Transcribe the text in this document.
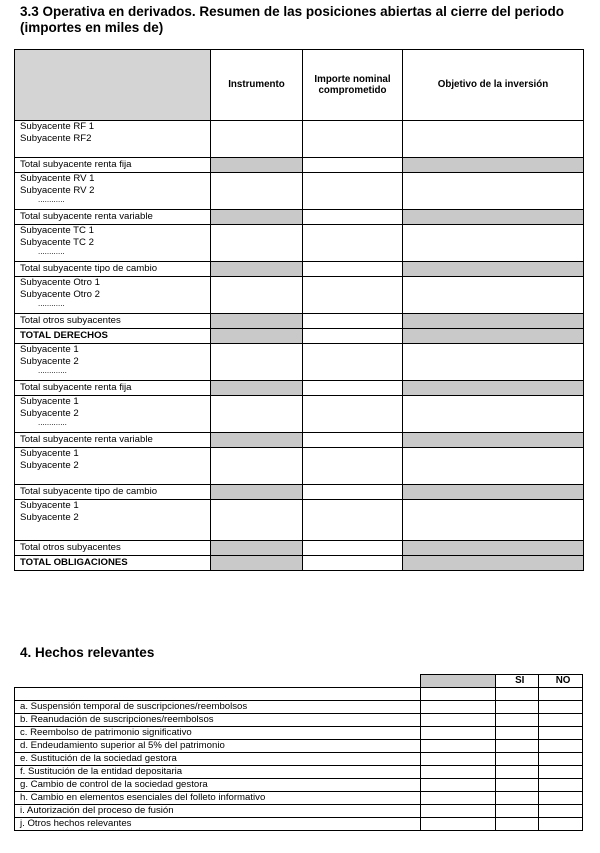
3.3 Operativa en derivados. Resumen de las posiciones abiertas al cierre del periodo (importes en miles de)
	Instrumento	Importe nominal comprometido	Objetivo de la inversión

Subyacente RF 1
Subyacente RF2			

Total subyacente renta fija			

Subyacente RV 1
Subyacente RV 2
............			

Total subyacente renta variable			

Subyacente TC 1
Subyacente TC 2
............			

Total subyacente tipo de cambio			

Subyacente Otro 1
Subyacente Otro 2
............			

Total otros subyacentes			
TOTAL DERECHOS			

Subyacente 1
Subyacente 2
.............			

Total subyacente renta fija			

Subyacente 1
Subyacente 2
.............			

Total subyacente renta variable			

Subyacente 1
Subyacente 2			

Total subyacente tipo de cambio			

Subyacente 1
Subyacente 2			

Total otros subyacentes			
TOTAL OBLIGACIONES			
4. Hechos relevantes
		SI	NO

a. Suspensión temporal de suscripciones/reembolsos			
b. Reanudación de suscripciones/reembolsos			
c. Reembolso de patrimonio significativo			
d. Endeudamiento superior al 5% del patrimonio			
e. Sustitución de la sociedad gestora			
f. Sustitución de la entidad depositaria			
g. Cambio de control de la sociedad gestora			
h. Cambio en elementos esenciales del folleto informativo			
i. Autorización del proceso de fusión			
j. Otros hechos relevantes			
